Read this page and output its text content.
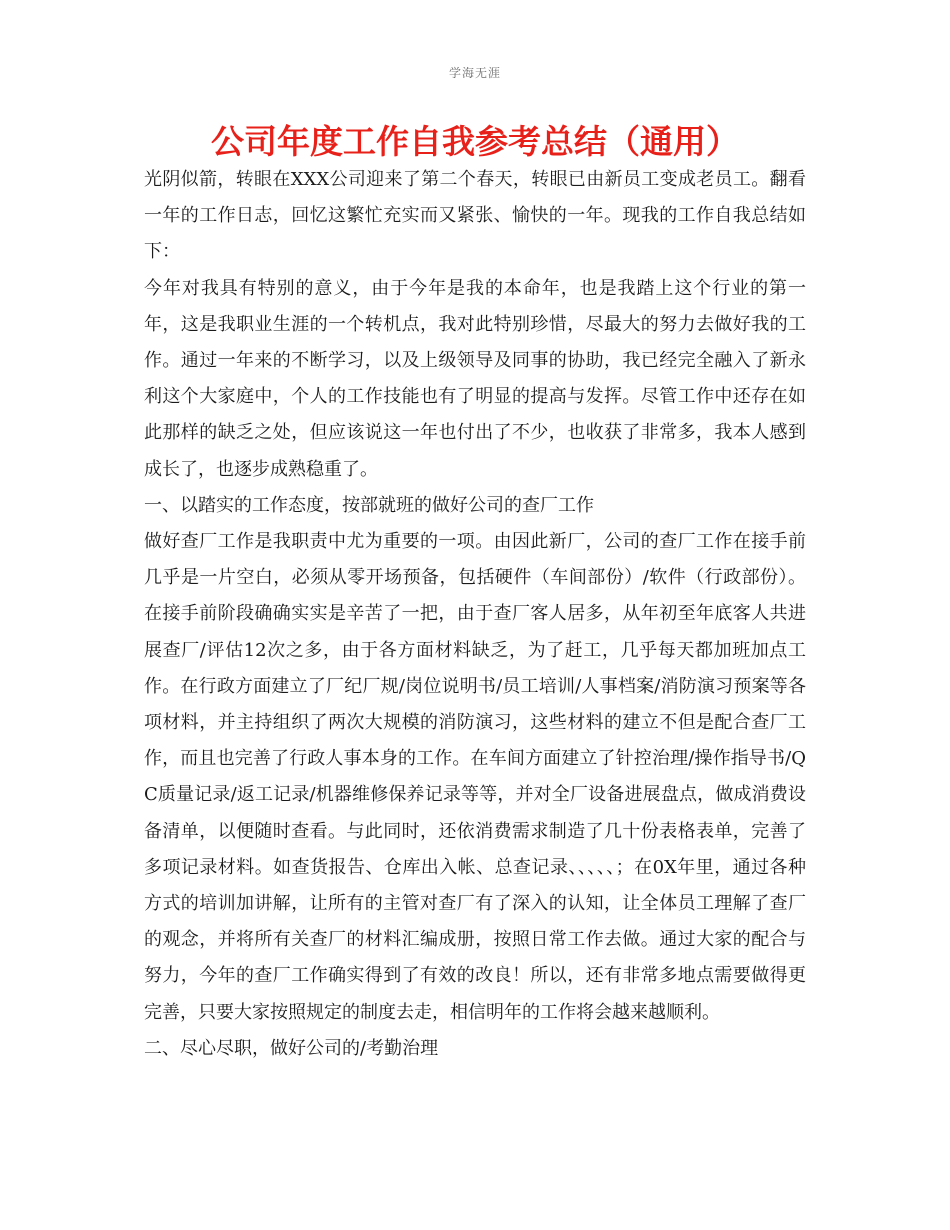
学海无涯
公司年度工作自我参考总结（通用）

光阴似箭，转眼在XXX公司迎来了第二个春天，转眼已由新员工变成老员工。翻看一年的工作日志，回忆这繁忙充实而又紧张、愉快的一年。现我的工作自我总结如下：

今年对我具有特别的意义，由于今年是我的本命年，也是我踏上这个行业的第一年，这是我职业生涯的一个转机点，我对此特别珍惜，尽最大的努力去做好我的工作。通过一年来的不断学习，以及上级领导及同事的协助，我已经完全融入了新永利这个大家庭中，个人的工作技能也有了明显的提高与发挥。尽管工作中还存在如此那样的缺乏之处，但应该说这一年也付出了不少，也收获了非常多，我本人感到成长了，也逐步成熟稳重了。

一、以踏实的工作态度，按部就班的做好公司的查厂工作

做好查厂工作是我职责中尤为重要的一项。由因此新厂，公司的查厂工作在接手前几乎是一片空白，必须从零开场预备，包括硬件（车间部份）/软件（行政部份）。在接手前阶段确确实实是辛苦了一把，由于查厂客人居多，从年初至年底客人共进展查厂/评估12次之多，由于各方面材料缺乏，为了赶工，几乎每天都加班加点工作。在行政方面建立了厂纪厂规/岗位说明书/员工培训/人事档案/消防演习预案等各项材料，并主持组织了两次大规模的消防演习，这些材料的建立不但是配合查厂工作，而且也完善了行政人事本身的工作。在车间方面建立了针控治理/操作指导书/QC质量记录/返工记录/机器维修保养记录等等，并对全厂设备进展盘点，做成消费设备清单，以便随时查看。与此同时，还依消费需求制造了几十份表格表单，完善了多项记录材料。如查货报告、仓库出入帐、总查记录、、、、、；在0X年里，通过各种方式的培训加讲解，让所有的主管对查厂有了深入的认知，让全体员工理解了查厂的观念，并将所有关查厂的材料汇编成册，按照日常工作去做。通过大家的配合与努力，今年的查厂工作确实得到了有效的改良！所以，还有非常多地点需要做得更完善，只要大家按照规定的制度去走，相信明年的工作将会越来越顺利。

二、尽心尽职，做好公司的/考勤治理
